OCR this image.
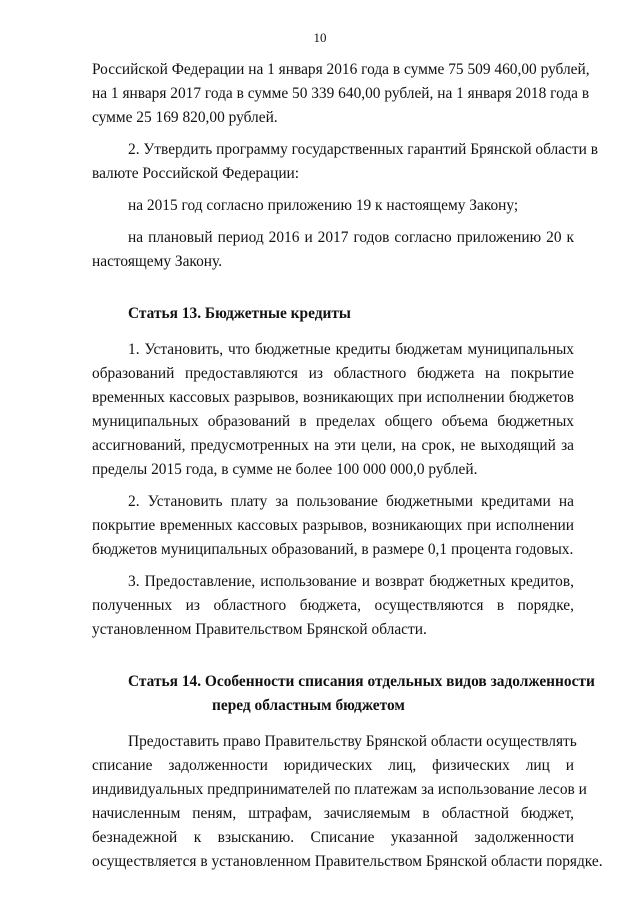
10
Российской Федерации на 1 января 2016 года в сумме 75 509 460,00 рублей,
на 1 января 2017 года в сумме 50 339 640,00 рублей, на 1 января 2018 года в
сумме 25 169 820,00 рублей.
2. Утвердить программу государственных гарантий Брянской области в
валюте Российской Федерации:
на 2015 год согласно приложению 19 к настоящему Закону;
на плановый период 2016 и 2017 годов согласно приложению 20 к
настоящему Закону.
Статья 13. Бюджетные кредиты
1. Установить, что бюджетные кредиты бюджетам муниципальных
образований предоставляются из областного бюджета на покрытие
временных кассовых разрывов, возникающих при исполнении бюджетов
муниципальных образований в пределах общего объема бюджетных
ассигнований, предусмотренных на эти цели, на срок, не выходящий за
пределы 2015 года, в сумме не более 100 000 000,0 рублей.
2. Установить плату за пользование бюджетными кредитами на
покрытие временных кассовых разрывов, возникающих при исполнении
бюджетов муниципальных образований, в размере 0,1 процента годовых.
3. Предоставление, использование и возврат бюджетных кредитов,
полученных из областного бюджета, осуществляются в порядке,
установленном Правительством Брянской области.
Статья 14. Особенности списания отдельных видов задолженности
перед областным бюджетом
Предоставить право Правительству Брянской области осуществлять
списание задолженности юридических лиц, физических лиц и
индивидуальных предпринимателей по платежам за использование лесов и
начисленным пеням, штрафам, зачисляемым в областной бюджет,
безнадежной к взысканию. Списание указанной задолженности
осуществляется в установленном Правительством Брянской области порядке.
